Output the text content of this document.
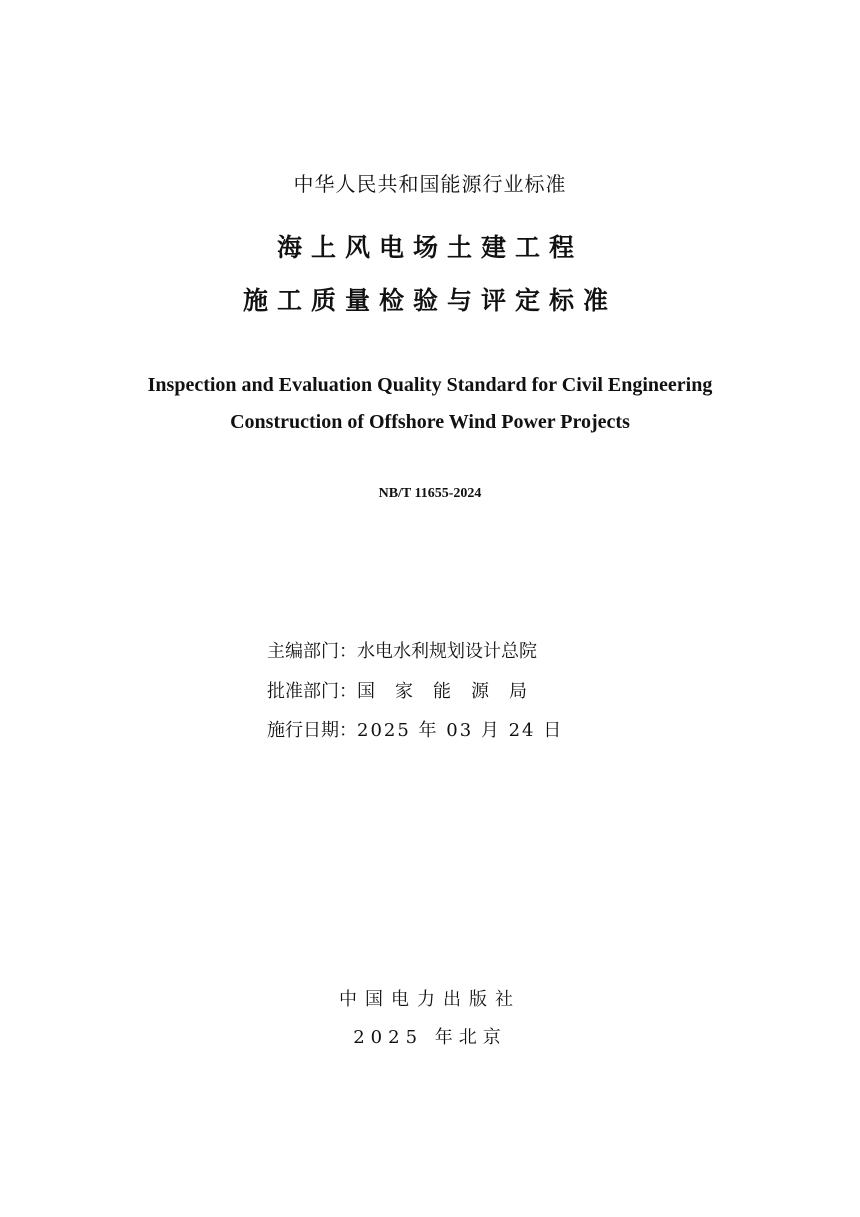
中华人民共和国能源行业标准
海上风电场土建工程
施工质量检验与评定标准
Inspection and Evaluation Quality Standard for Civil Engineering
Construction of Offshore Wind Power Projects
NB/T 11655-2024
主编部门：水电水利规划设计总院
批准部门：国家能源局
施行日期：2025 年 03 月 24 日
中国电力出版社
2025 年北京
